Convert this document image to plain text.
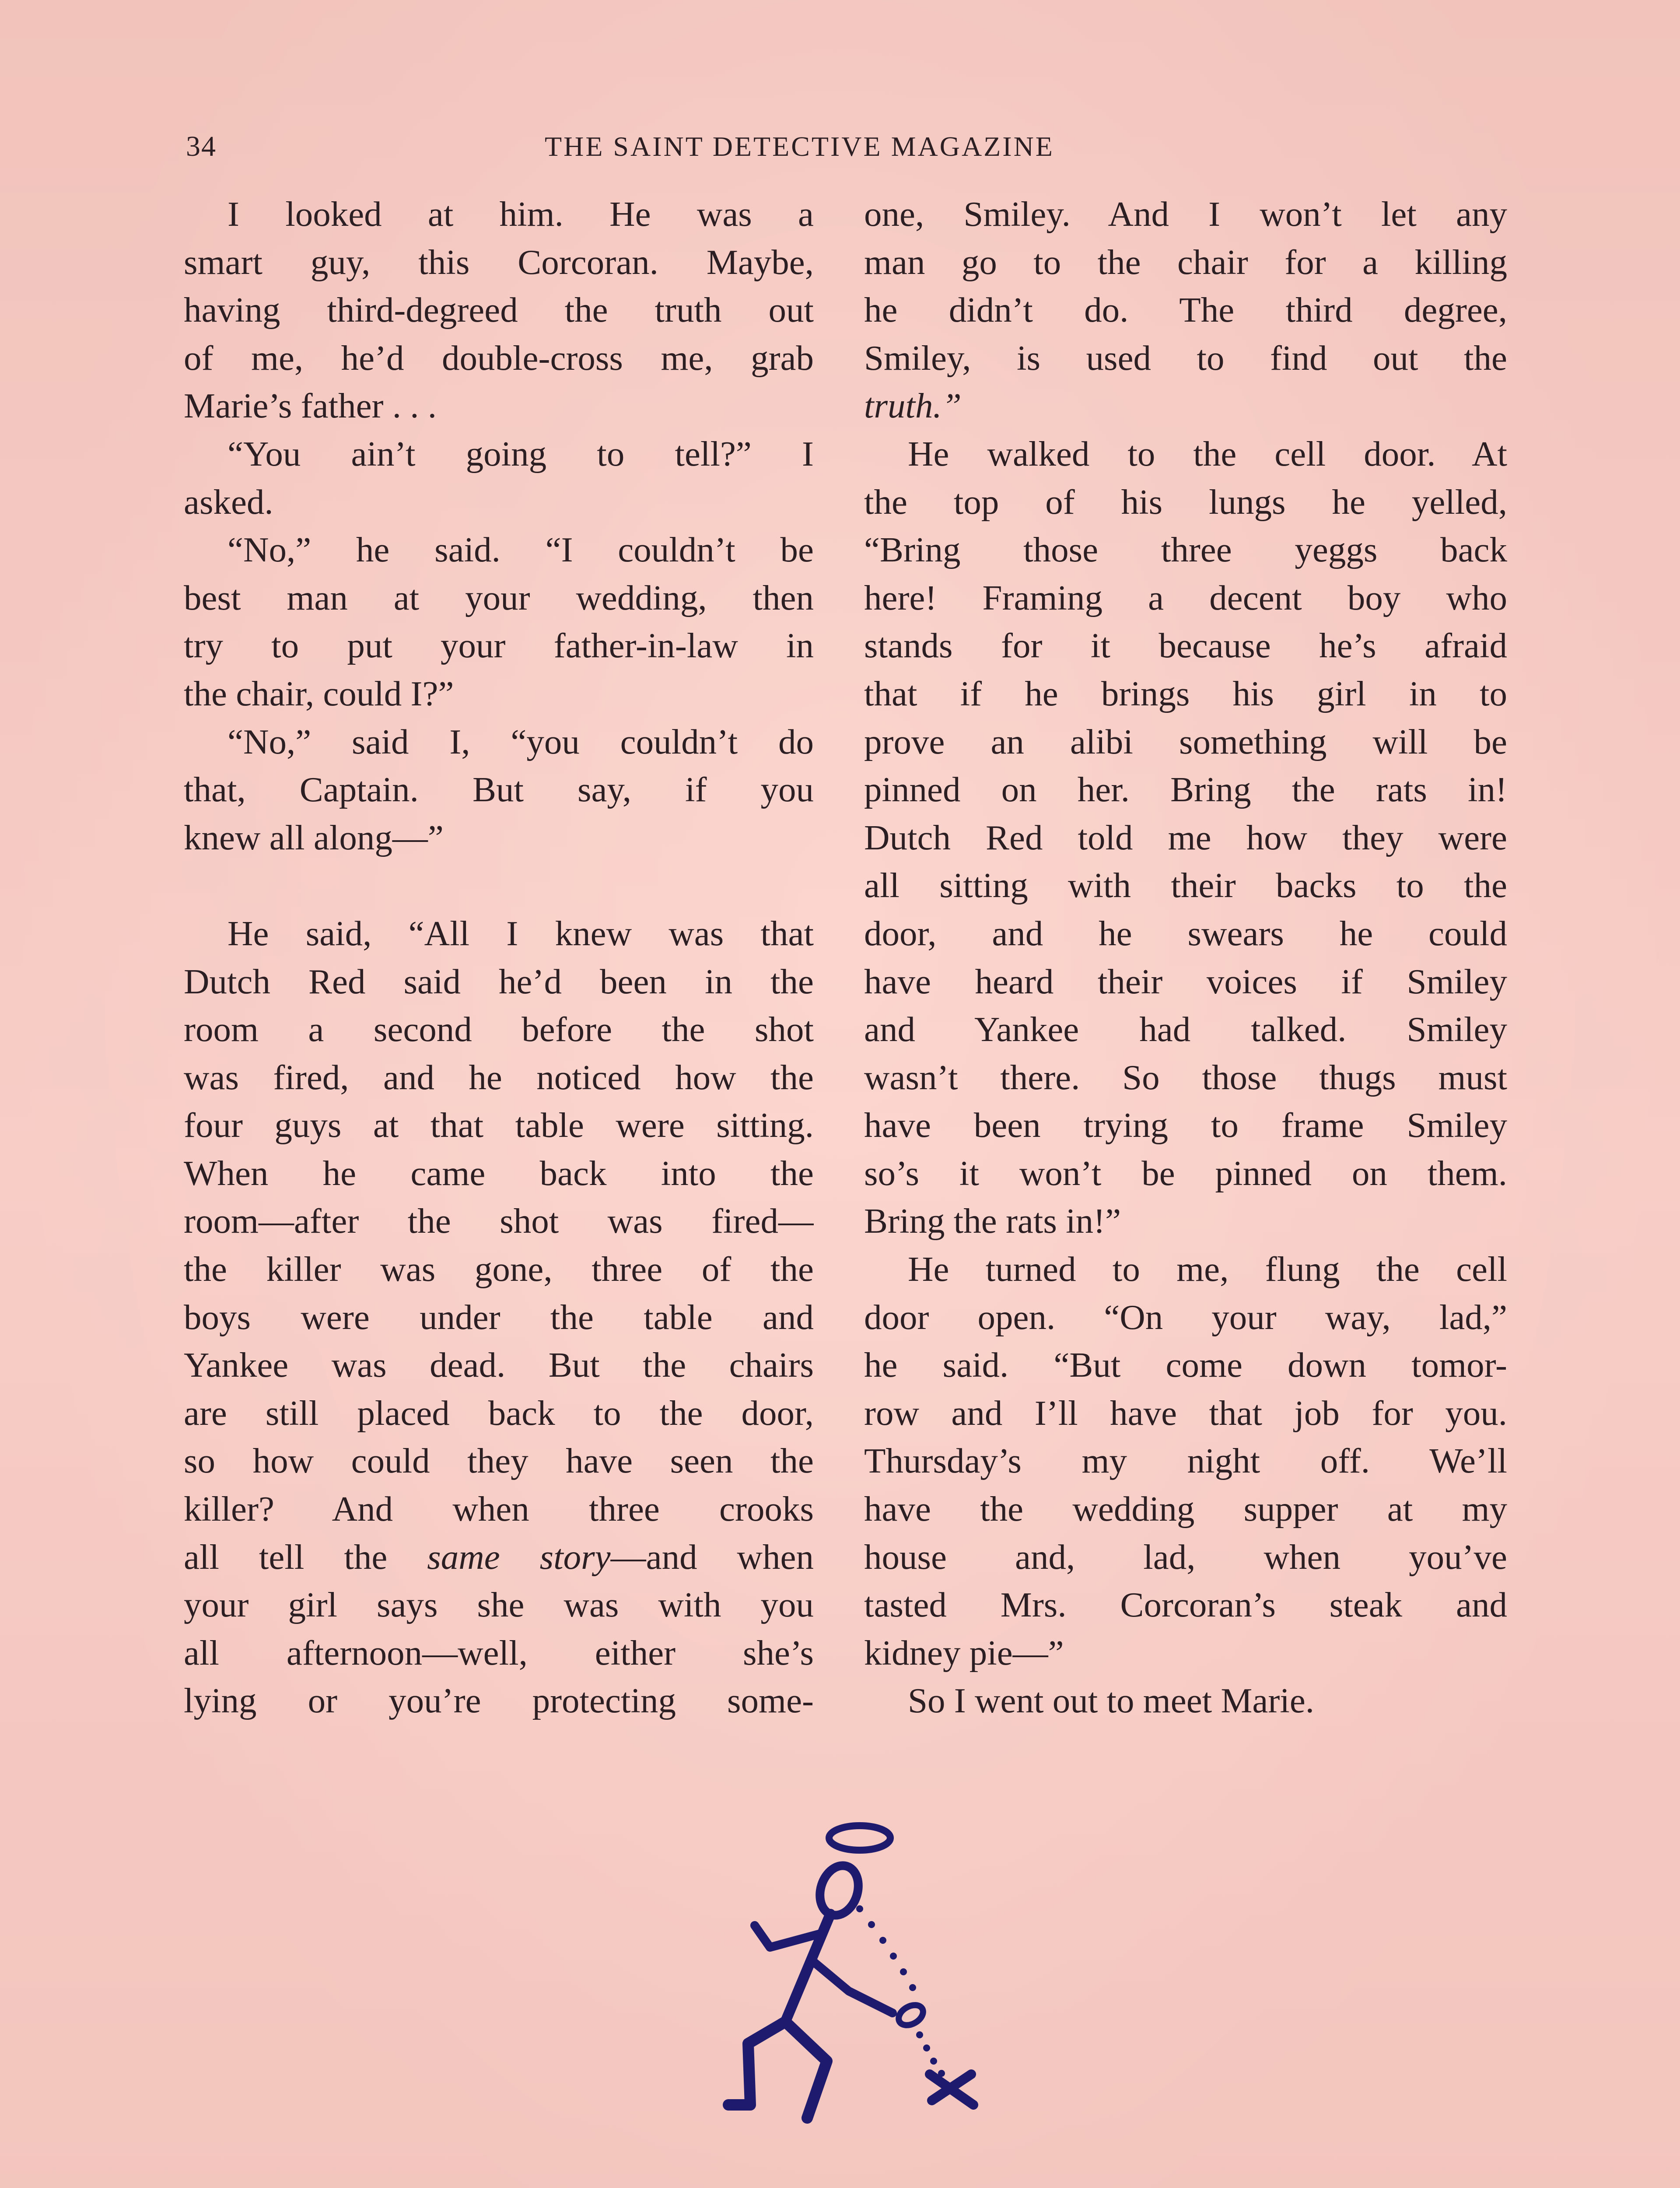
34	THE SAINT DETECTIVE MAGAZINE
I looked at him. He was a
smart guy, this Corcoran. Maybe,
having third-degreed the truth out
of me, he’d double-cross me, grab
Marie’s father . . .
“You ain’t going to tell?” I
asked.
“No,” he said. “I couldn’t be
best man at your wedding, then
try to put your father-in-law in
the chair, could I?”
“No,” said I, “you couldn’t do
that, Captain. But say, if you
knew all along—”
He said, “All I knew was that
Dutch Red said he’d been in the
room a second before the shot
was fired, and he noticed how the
four guys at that table were sitting.
When he came back into the
room—after the shot was fired—
the killer was gone, three of the
boys were under the table and
Yankee was dead. But the chairs
are still placed back to the door,
so how could they have seen the
killer? And when three crooks
all tell the same story—and when
your girl says she was with you
all afternoon—well, either she’s
lying or you’re protecting some-
one, Smiley. And I won’t let any
man go to the chair for a killing
he didn’t do. The third degree,
Smiley, is used to find out the
truth.”
He walked to the cell door. At
the top of his lungs he yelled,
“Bring those three yeggs back
here! Framing a decent boy who
stands for it because he’s afraid
that if he brings his girl in to
prove an alibi something will be
pinned on her. Bring the rats in!
Dutch Red told me how they were
all sitting with their backs to the
door, and he swears he could
have heard their voices if Smiley
and Yankee had talked. Smiley
wasn’t there. So those thugs must
have been trying to frame Smiley
so’s it won’t be pinned on them.
Bring the rats in!”
He turned to me, flung the cell
door open. “On your way, lad,”
he said. “But come down tomor-
row and I’ll have that job for you.
Thursday’s my night off. We’ll
have the wedding supper at my
house and, lad, when you’ve
tasted Mrs. Corcoran’s steak and
kidney pie—”
So I went out to meet Marie.
